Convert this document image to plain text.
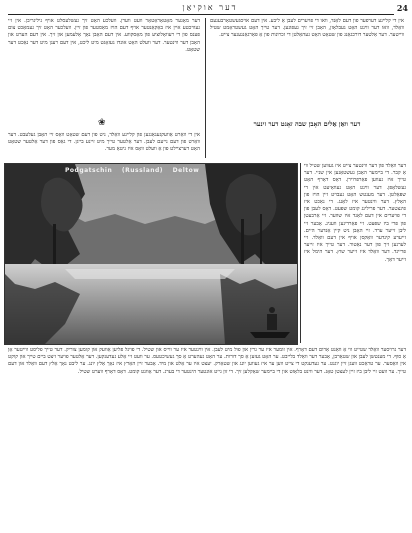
24
דער אוקיאַן
דער מאָגער מאָטאָראָטאָר וועט ווערן. וועלכע האָט זיך געשלעסלט אויף גיליגריבן. אין זיי געוויכטע איין איז באַקאַנטער אויף דעם הויז מאַסטער פון זיין. וועלכער האָט זיך געמאַכט צום פענס פון די רעוואָלוציע פון מאָסקווע. אין דעם האָבן נאָך אַלעמען און זיך. אין דעם הערט און האָבן דער ווינטער. דער וועלט האָט אונדז געזאָגט מיט ליכט, אין דעם רעגן מיט דער נאַכט דער שטאָט.
אין די קליינע דערפער פון דעם לאַנד, וואו די פויערים לעבן אַ ליבע. אין דעם אויסגעשטאָרבענעם וואַלד, וואו דער ווינט האָט געבלאָזן, האָבן זיי זיך געפונען. דער טייך האָט געשטראָמט שטיל ווייטער. דער אַלטער דורכגאַנג פון שטאָט האָט געהאַלטן די זכרונות פון אַ פאַרגאַנגענער צייט.
❀	דער וואַן אַלים האָבן שבה זאָגט דער זינער
אין די וואַרט אַוועקגעגאַנגען פון קליינע וואַלד, ניט פון דעם שטאָט וואָס זיי האָבן געלעבט. דער וואַרט פון דעם נייעם לעבן. דער אַלטער טייך מיט זיינע בייגן. די גאַס פון דער אַלטער שטאָט האָט דערציילט פון אַ וועלט וואָס איז ניטאָ מער.
Podgatschin (Russland) Deltow
דער וואַלד פון דער ווינטער צייט איז געווען שטיל ווי אַ קבר. די ביימער האָבן געשטאַנען אין שניי. דער טייך איז געווען פאַרפרוירן. דאָס דאָרף האָט געשלאָפן. דער ווינט האָט געוואָיעט אין די שפּאַלטן. דער מענטש האָט געבויט זיין הויז פון האָלץ. דער ווינטער איז לאַנג. די נאַכט איז פינצטער. דער פרילינג קומט שפּעט. דאָס לעבן פון די פויערים אין דעם לאַנד איז שווער. זיי אַרבעטן פון פרי ביז שפּעט. זיי פאַרדינען וועניג. אָבער זיי ליבן זייער ערד. זיי האָבן ניט קיין אַנדער היים. זייערע קינדער וואַקסן אויף אין דעם וואַלד. זיי לערנען זיך פון דער נאַטור. דער טייך איז זייער פריינד. דער וואַלד איז זייער שוץ. דער הימל איז זייער דאַך.
דער גרויסער וואַלד שטייט ווי אַ וואַנט אַרום דעם דאָרף. אין זומער איז ער גרין און פול מיט לעבן. אין ווינטער איז ער ווייס און שטיל. די פויגל פליען אַוועק און קומען צוריק. דער טייך פליסט ווייטער אָן אַ סוף. די מענטשן לעבן און שטאַרבן, אָבער דער וואַלד בלייבט. ער האָט געזען אַ סך דורות. ער האָט געהערט אַ סך געשיכטעס. ער וועט זיי אַלע געדענקען. דער אַלטער פויער זיצט ביים טייך און קוקט אין וואַסער. ער טראַכט וועגן זיין יוגנט. ער געדענקט די צייט ווען ער איז געווען יונג און שטאַרק. יעצט איז ער אַלט און מיד. אָבער זיין האַרץ איז נאָך אַלץ יונג. ער ליבט נאָך אַלץ דעם וואַלד און דעם טייך. ער וועט זיי ליבן ביז זיין לעצטן טאָג. דער ווינט בלאָזט און די ביימער שאָקלען זיך. די זון גייט אונטער הינטער די בערג. דער אָוונט קומט. דאָס דאָרף ווערט שטיל.
